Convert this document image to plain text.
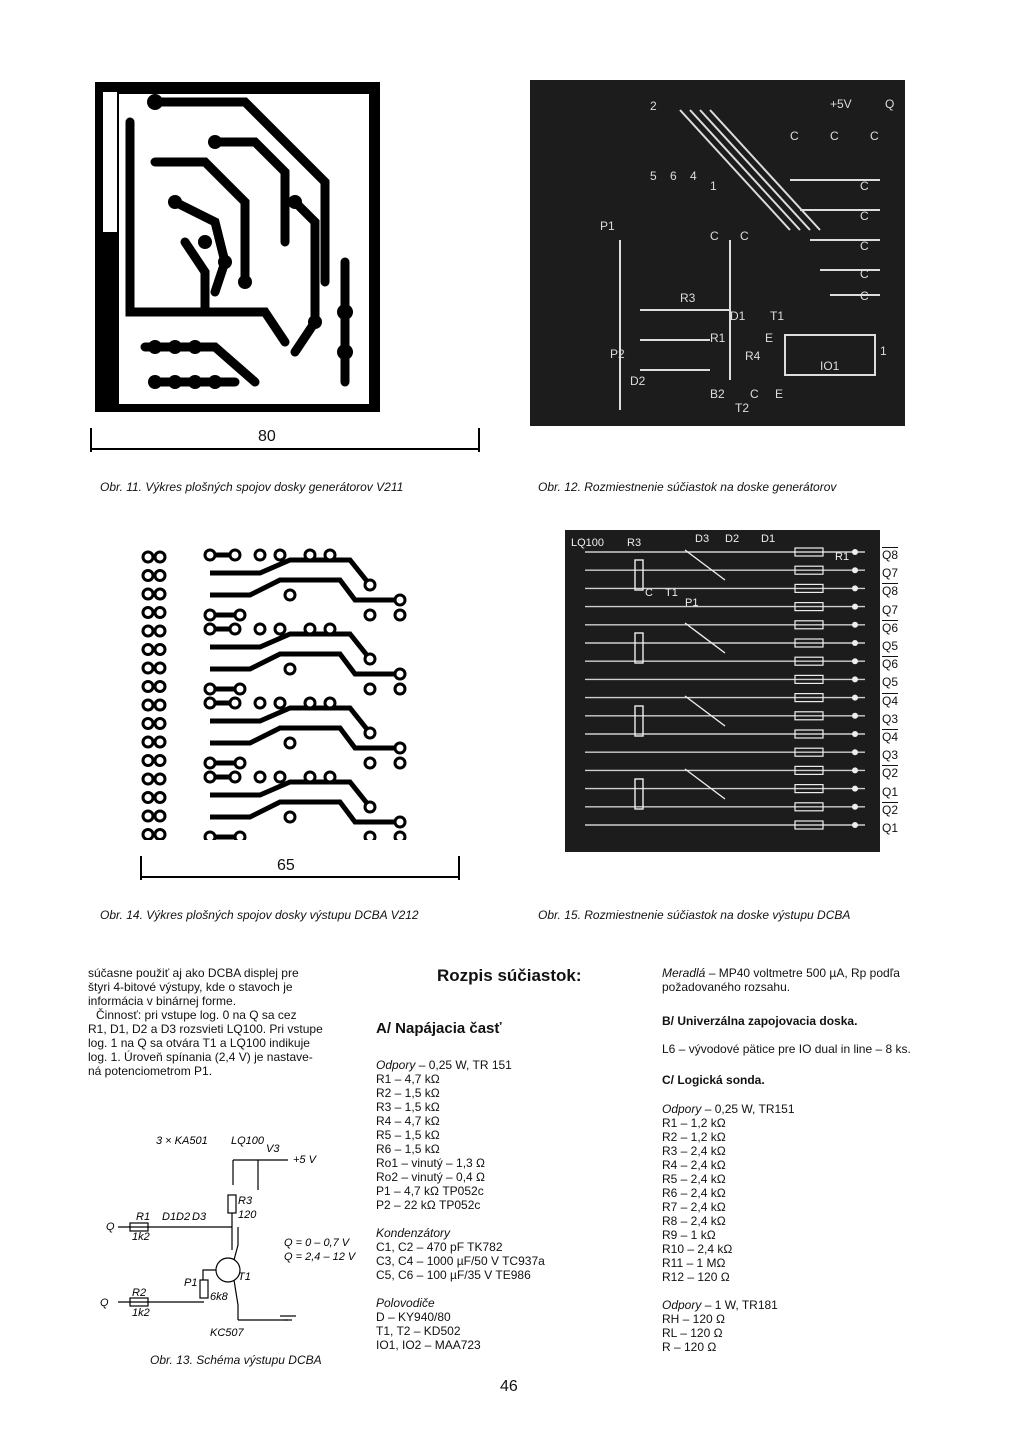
80
Obr. 11. Výkres plošných spojov dosky generátorov V211
2	+5V	Q
C	C	C
1
5 6 4
P1
C C
R3
D1 T1
P2
R1
R4
E
IO1
D2
B2 C E
T2
C
C
C
C
C
1
Obr. 12. Rozmiestnenie súčiastok na doske generátorov
65
Obr. 14. Výkres plošných spojov dosky výstupu DCBA V212
LQ100 R3	D3 D2 D1
R1
C T1
P1
Q8
Q7
Q8
Q7
Q6
Q5
Q6
Q5
Q4
Q3
Q4
Q3
Q2
Q1
Q2
Q1
Obr. 15. Rozmiestnenie súčiastok na doske výstupu DCBA
súčasne použiť aj ako DCBA displej pre
štyri 4-bitové výstupy, kde o stavoch je
informácia v binárnej forme.
Činnosť: pri vstupe log. 0 na Q sa cez
R1, D1, D2 a D3 rozsvieti LQ100. Pri vstupe
log. 1 na Q sa otvára T1 a LQ100 indikuje
log. 1. Úroveň spínania (2,4 V) je nastave-
ná potenciometrom P1.
3 × KA501 LQ100
V3
+5 V
R3
120
R1 D1 D2 D3
1k2
Q
T1
P1
6k8
R2
1k2
Q
KC507
Q = 0 – 0,7 V
Q = 2,4 – 12 V
Obr. 13. Schéma výstupu DCBA
Rozpis súčiastok:
A/ Napájacia časť
Odpory – 0,25 W, TR 151
R1 – 4,7 kΩ
R2 – 1,5 kΩ
R3 – 1,5 kΩ
R4 – 4,7 kΩ
R5 – 1,5 kΩ
R6 – 1,5 kΩ
Ro1 – vinutý – 1,3 Ω
Ro2 – vinutý – 0,4 Ω
P1 – 4,7 kΩ TP052c
P2 – 22 kΩ TP052c
Kondenzátory
C1, C2 – 470 pF TK782
C3, C4 – 1000 µF/50 V TC937a
C5, C6 – 100 µF/35 V TE986
Polovodiče
D – KY940/80
T1, T2 – KD502
IO1, IO2 – MAA723
Meradlá – MP40 voltmetre 500 µA, Rp podľa požadovaného rozsahu.
B/ Univerzálna zapojovacia doska.
L6 – vývodové pätice pre IO dual in line – 8 ks.
C/ Logická sonda.
Odpory – 0,25 W, TR151
R1 – 1,2 kΩ
R2 – 1,2 kΩ
R3 – 2,4 kΩ
R4 – 2,4 kΩ
R5 – 2,4 kΩ
R6 – 2,4 kΩ
R7 – 2,4 kΩ
R8 – 2,4 kΩ
R9 – 1 kΩ
R10 – 2,4 kΩ
R11 – 1 MΩ
R12 – 120 Ω
Odpory – 1 W, TR181
RH – 120 Ω
RL – 120 Ω
R – 120 Ω
46
